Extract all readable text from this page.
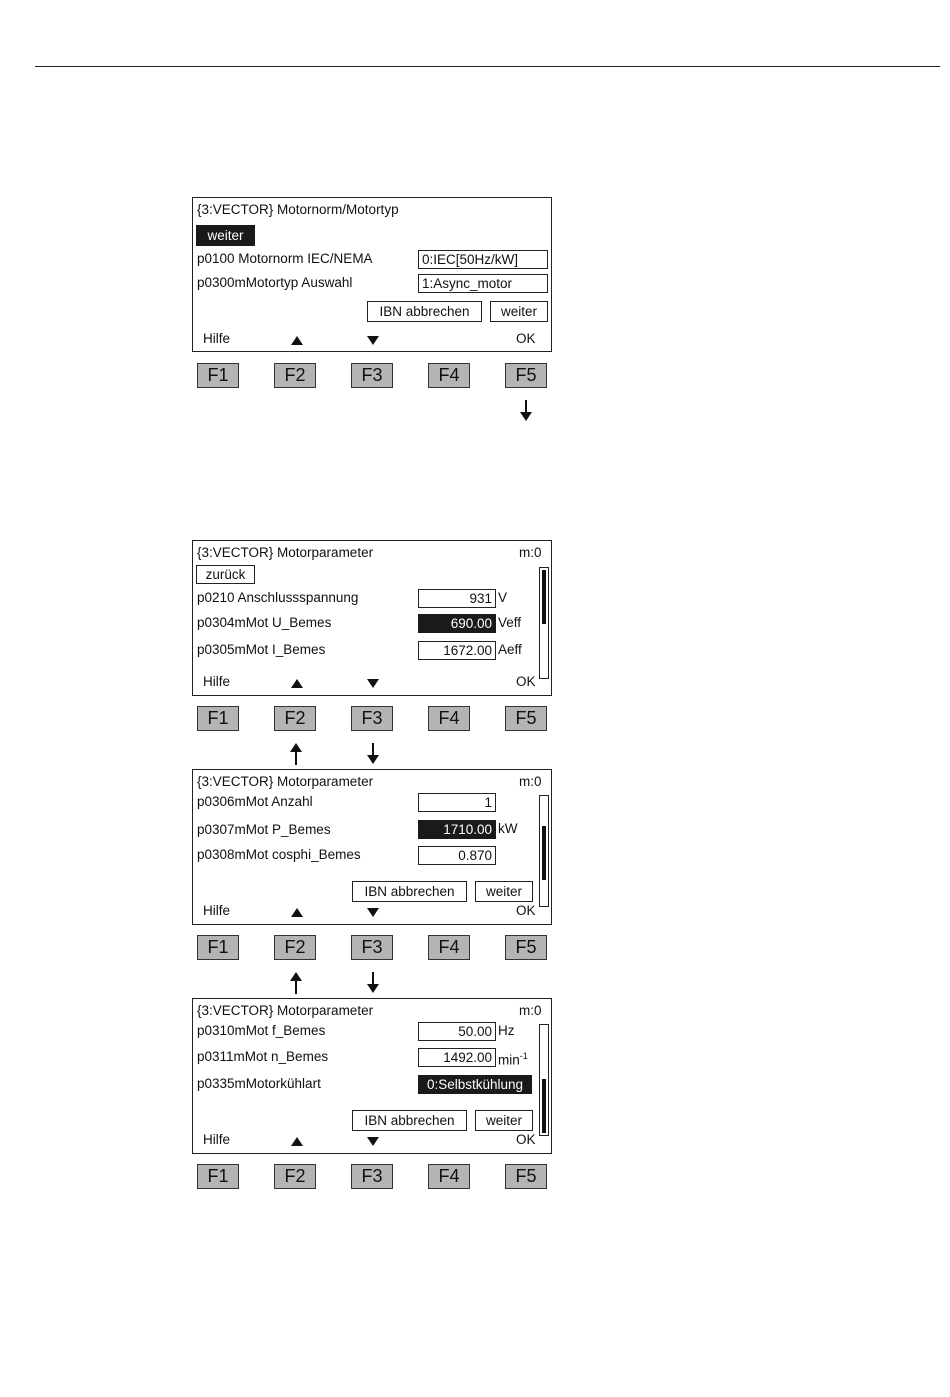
{3:VECTOR} Motornorm/Motortyp
weiter
p0100 Motornorm IEC/NEMA	0:IEC[50Hz/kW]
p0300mMotortyp Auswahl	1:Async_motor
IBN abbrechen	weiter
Hilfe	OK
F1	F2	F3	F4	F5
{3:VECTOR} Motorparameter	m:0
zurück
p0210 Anschlussspannung	931 V
p0304mMot U_Bemes	690.00 Veff
p0305mMot I_Bemes	1672.00 Aeff
Hilfe	OK
F1	F2	F3	F4	F5
{3:VECTOR} Motorparameter	m:0
p0306mMot Anzahl	1
p0307mMot P_Bemes	1710.00 kW
p0308mMot cosphi_Bemes	0.870
IBN abbrechen	weiter
Hilfe	OK
F1	F2	F3	F4	F5
{3:VECTOR} Motorparameter	m:0
p0310mMot f_Bemes	50.00 Hz
p0311mMot n_Bemes	1492.00 $\min^{-1}$
p0335mMotorkühlart	0:Selbstkühlung
IBN abbrechen	weiter
Hilfe	OK
F1	F2	F3	F4	F5
